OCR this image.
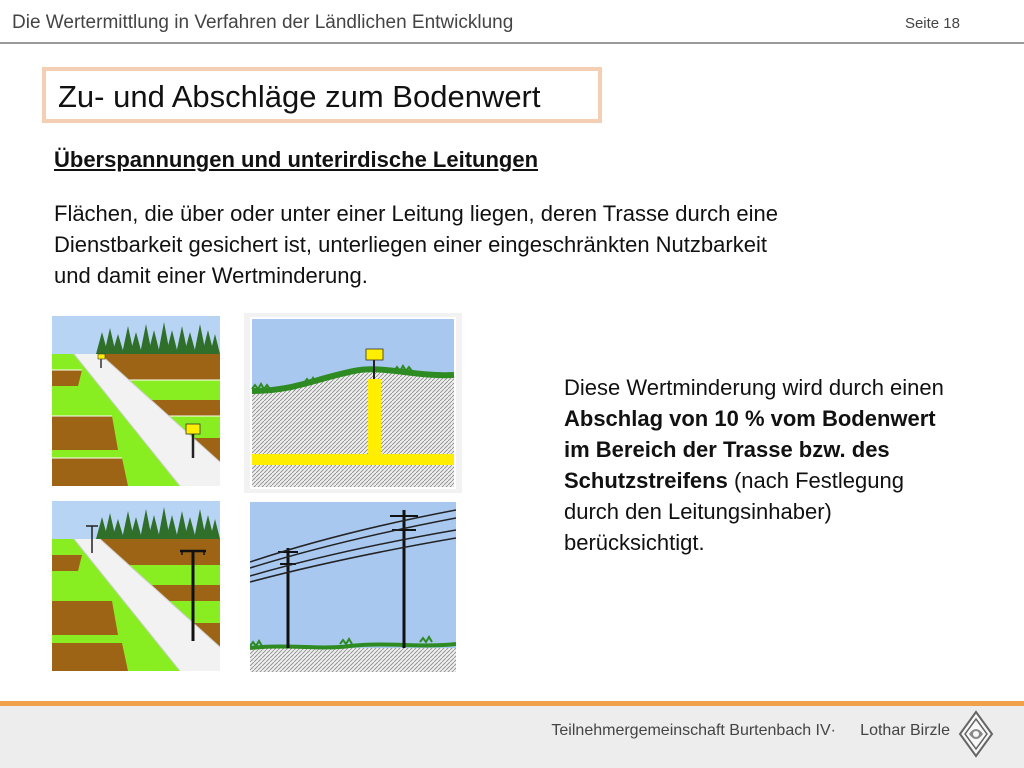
Die Wertermittlung in Verfahren der Ländlichen Entwicklung	Seite 18
Zu- und Abschläge zum Bodenwert
Überspannungen und unterirdische Leitungen

Flächen, die über oder unter einer Leitung liegen, deren Trasse durch eine
Dienstbarkeit gesichert ist, unterliegen einer eingeschränkten Nutzbarkeit
und damit einer Wertminderung.

Diese Wertminderung wird durch einen Abschlag von 10 % vom Bodenwert im Bereich der Trasse bzw. des Schutzstreifens (nach Festlegung durch den Leitungsinhaber) berücksichtigt.

Teilnehmergemeinschaft Burtenbach IV· Lothar Birzle
